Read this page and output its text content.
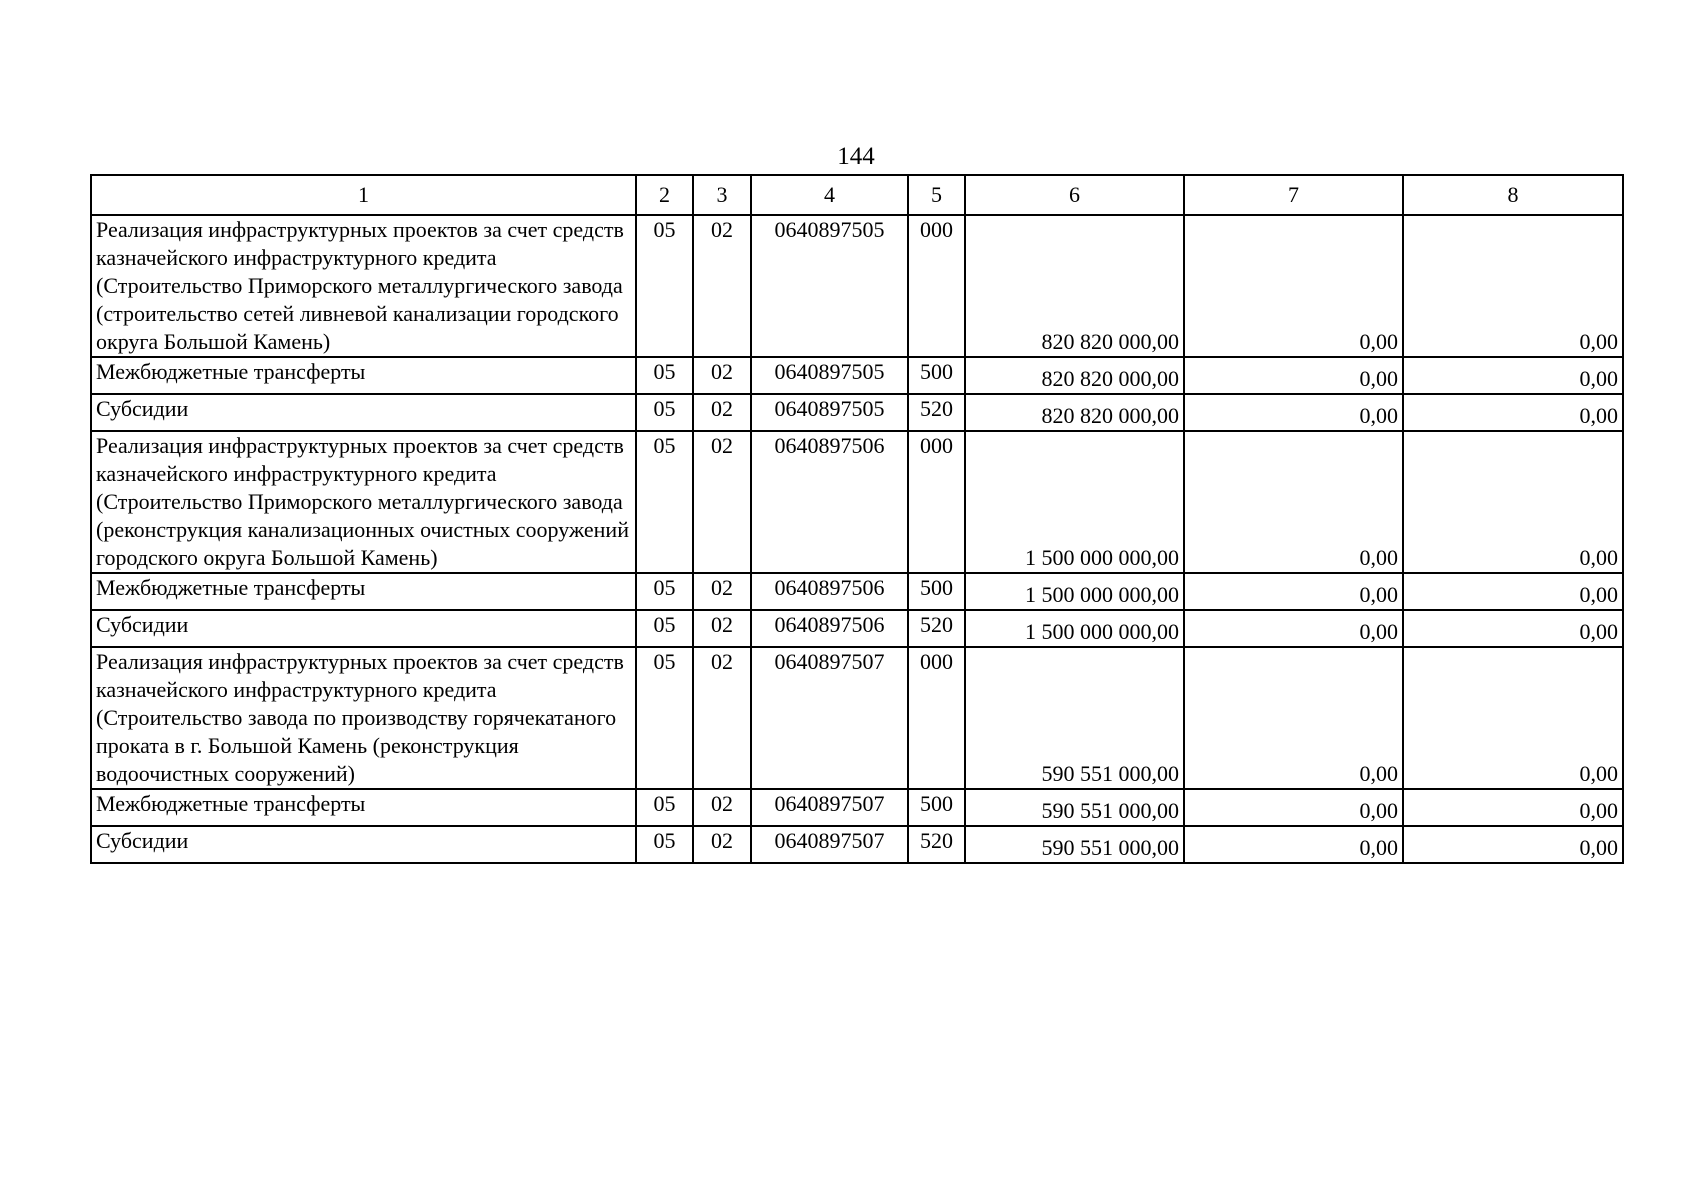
144
1	2	3	4	5	6	7	8
Реализация инфраструктурных проектов за счет средств казначейского инфраструктурного кредита (Строительство Приморского металлургического завода (строительство сетей ливневой канализации городского округа Большой Камень)	05	02	0640897505	000	820 820 000,00	0,00	0,00
Межбюджетные трансферты	05	02	0640897505	500	820 820 000,00	0,00	0,00
Субсидии	05	02	0640897505	520	820 820 000,00	0,00	0,00
Реализация инфраструктурных проектов за счет средств казначейского инфраструктурного кредита (Строительство Приморского металлургического завода (реконструкция канализационных очистных сооружений городского округа Большой Камень)	05	02	0640897506	000	1 500 000 000,00	0,00	0,00
Межбюджетные трансферты	05	02	0640897506	500	1 500 000 000,00	0,00	0,00
Субсидии	05	02	0640897506	520	1 500 000 000,00	0,00	0,00
Реализация инфраструктурных проектов за счет средств казначейского инфраструктурного кредита (Строительство завода по производству горячекатаного проката в г. Большой Камень (реконструкция водоочистных сооружений)	05	02	0640897507	000	590 551 000,00	0,00	0,00
Межбюджетные трансферты	05	02	0640897507	500	590 551 000,00	0,00	0,00
Субсидии	05	02	0640897507	520	590 551 000,00	0,00	0,00
